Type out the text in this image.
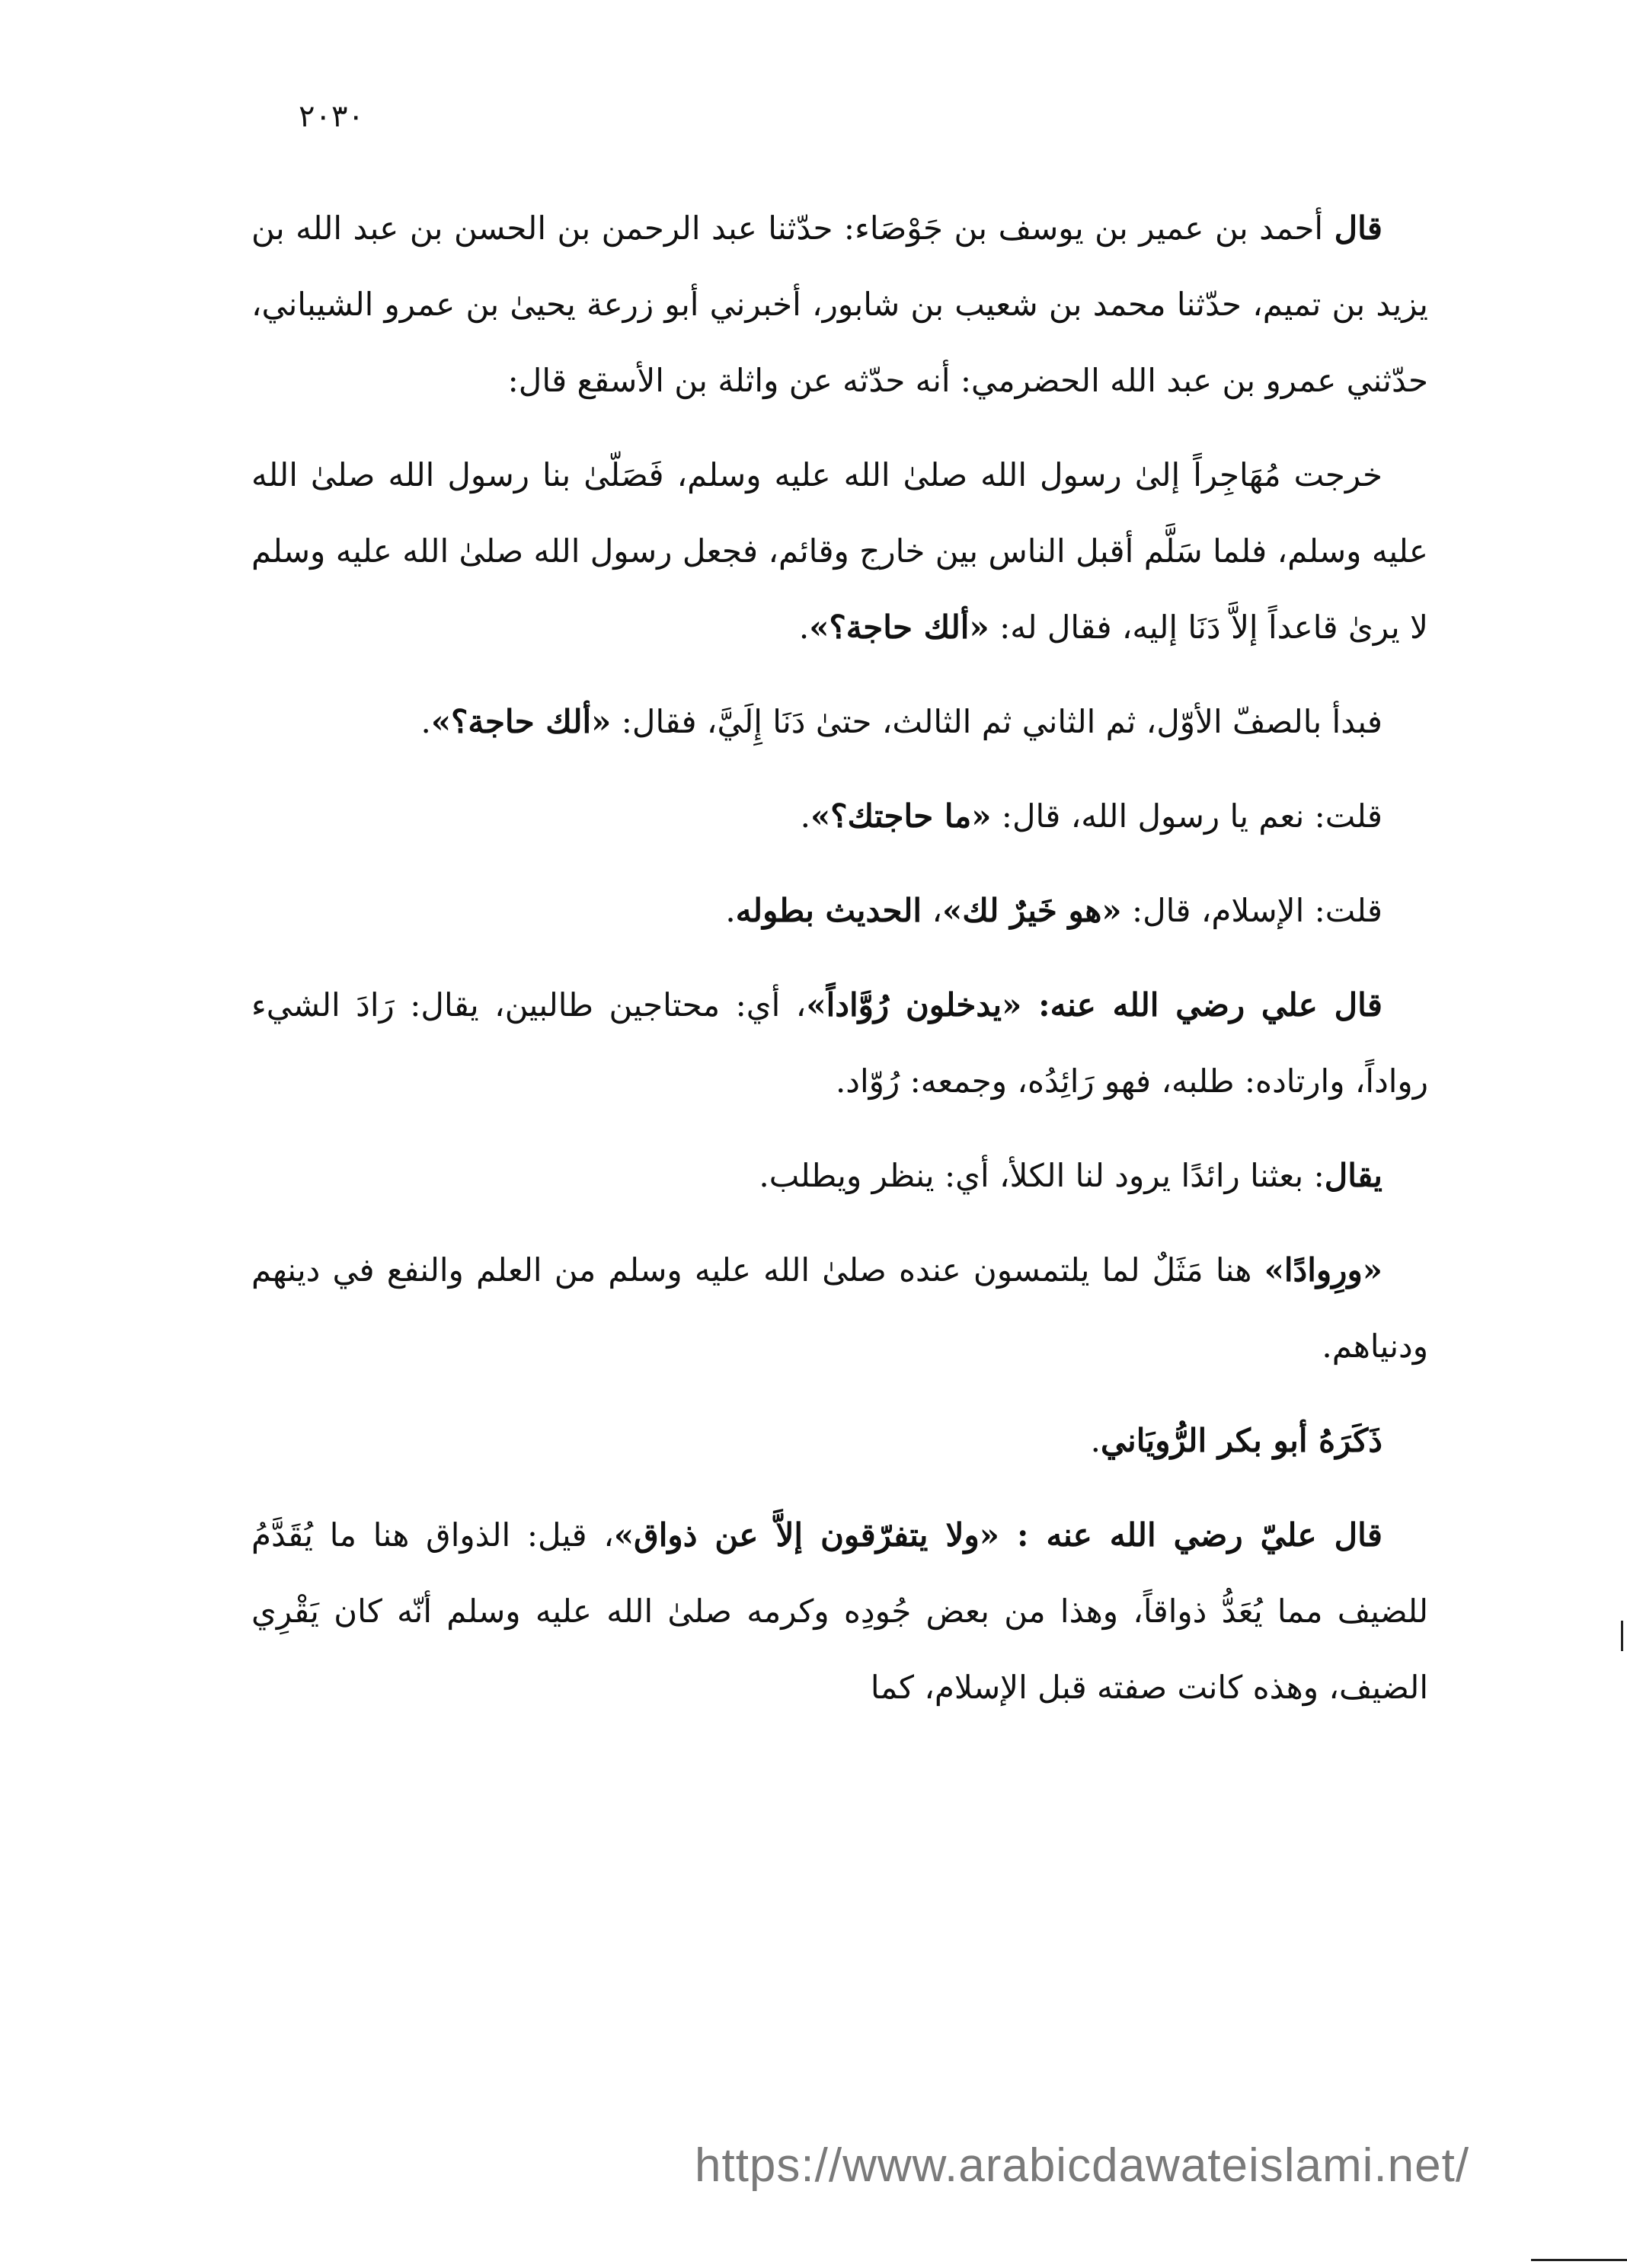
٢٠٣٠

قال أحمد بن عمير بن يوسف بن جَوْصَاء: حدّثنا عبد الرحمن بن الحسن بن عبد الله بن يزيد بن تميم، حدّثنا محمد بن شعيب بن شابور، أخبرني أبو زرعة يحيىٰ بن عمرو الشيباني، حدّثني عمرو بن عبد الله الحضرمي: أنه حدّثه عن واثلة بن الأسقع قال:

خرجت مُهَاجِراً إلىٰ رسول الله صلىٰ الله عليه وسلم، فَصَلّىٰ بنا رسول الله صلىٰ الله عليه وسلم، فلما سَلَّم أقبل الناس بين خارج وقائم، فجعل رسول الله صلىٰ الله عليه وسلم لا يرىٰ قاعداً إلاَّ دَنَا إليه، فقال له: «ألك حاجة؟».

فبدأ بالصفّ الأوّل، ثم الثاني ثم الثالث، حتىٰ دَنَا إِلَيَّ، فقال: «ألك حاجة؟».

قلت: نعم يا رسول الله، قال: «ما حاجتك؟».

قلت: الإسلام، قال: «هو خَيرٌ لك»، الحديث بطوله.

قال علي رضي الله عنه: «يدخلون رُوَّاداً»، أي: محتاجين طالبين، يقال: رَادَ الشيء رواداً، وارتاده: طلبه، فهو رَائِدُه، وجمعه: رُوّاد.

يقال: بعثنا رائدًا يرود لنا الكلأ، أي: ينظر ويطلب.

«ورِوادًا» هنا مَثَلٌ لما يلتمسون عنده صلىٰ الله عليه وسلم من العلم والنفع في دينهم ودنياهم.

ذَكَرَهُ أبو بكر الرُّويَاني.

قال عليّ رضي الله عنه : «ولا يتفرّقون إلاَّ عن ذواق»، قيل: الذواق هنا ما يُقَدَّمُ للضيف مما يُعَدُّ ذواقاً، وهذا من بعض جُودِه وكرمه صلىٰ الله عليه وسلم أنّه كان يَقْرِي الضيف، وهذه كانت صفته قبل الإسلام، كما

https://www.arabicdawateislami.net/
